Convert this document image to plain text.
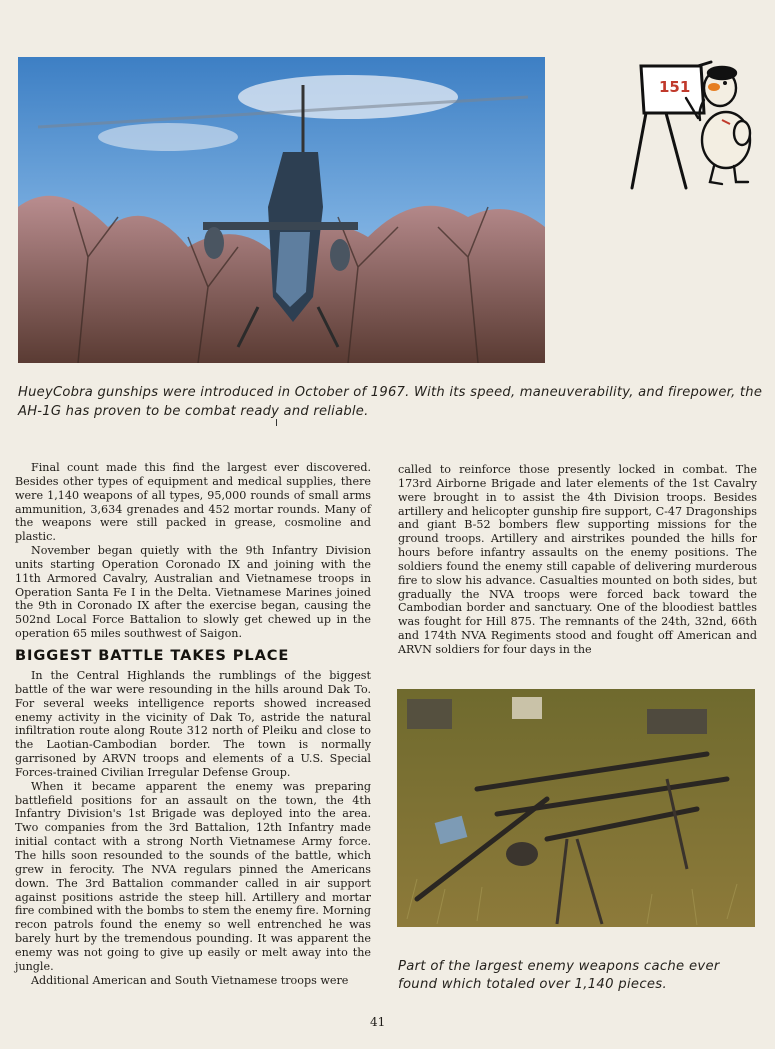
151
HueyCobra gunships were introduced in October of 1967. With its speed, maneuverability, and firepower, the AH-1G has proven to be combat ready and reliable.

Final count made this find the largest ever discovered. Besides other types of equipment and medical supplies, there were 1,140 weapons of all types, 95,000 rounds of small arms ammunition, 3,634 grenades and 452 mortar rounds. Many of the weapons were still packed in grease, cosmoline and plastic.

November began quietly with the 9th Infantry Division units starting Operation Coronado IX and joining with the 11th Armored Cavalry, Australian and Vietnamese troops in Operation Santa Fe I in the Delta. Vietnamese Marines joined the 9th in Coronado IX after the exercise began, causing the 502nd Local Force Battalion to slowly get chewed up in the operation 65 miles southwest of Saigon.

BIGGEST BATTLE TAKES PLACE

In the Central Highlands the rumblings of the biggest battle of the war were resounding in the hills around Dak To. For several weeks intelligence reports showed increased enemy activity in the vicinity of Dak To, astride the natural infiltration route along Route 312 north of Pleiku and close to the Laotian-Cambodian border. The town is normally garrisoned by ARVN troops and elements of a U.S. Special Forces-trained Civilian Irregular Defense Group.

When it became apparent the enemy was preparing battlefield positions for an assault on the town, the 4th Infantry Division's 1st Brigade was deployed into the area. Two companies from the 3rd Battalion, 12th Infantry made initial contact with a strong North Vietnamese Army force. The hills soon resounded to the sounds of the battle, which grew in ferocity. The NVA regulars pinned the Americans down. The 3rd Battalion commander called in air support against positions astride the steep hill. Artillery and mortar fire combined with the bombs to stem the enemy fire. Morning recon patrols found the enemy so well entrenched he was barely hurt by the tremendous pounding. It was apparent the enemy was not going to give up easily or melt away into the jungle.

Additional American and South Vietnamese troops were

called to reinforce those presently locked in combat. The 173rd Airborne Brigade and later elements of the 1st Cavalry were brought in to assist the 4th Division troops. Besides artillery and helicopter gunship fire support, C-47 Dragonships and giant B-52 bombers flew supporting missions for the ground troops. Artillery and airstrikes pounded the hills for hours before infantry assaults on the enemy positions. The soldiers found the enemy still capable of delivering murderous fire to slow his advance. Casualties mounted on both sides, but gradually the NVA troops were forced back toward the Cambodian border and sanctuary. One of the bloodiest battles was fought for Hill 875. The remnants of the 24th, 32nd, 66th and 174th NVA Regiments stood and fought off American and ARVN soldiers for four days in the

Part of the largest enemy weapons cache ever found which totaled over 1,140 pieces.
41
